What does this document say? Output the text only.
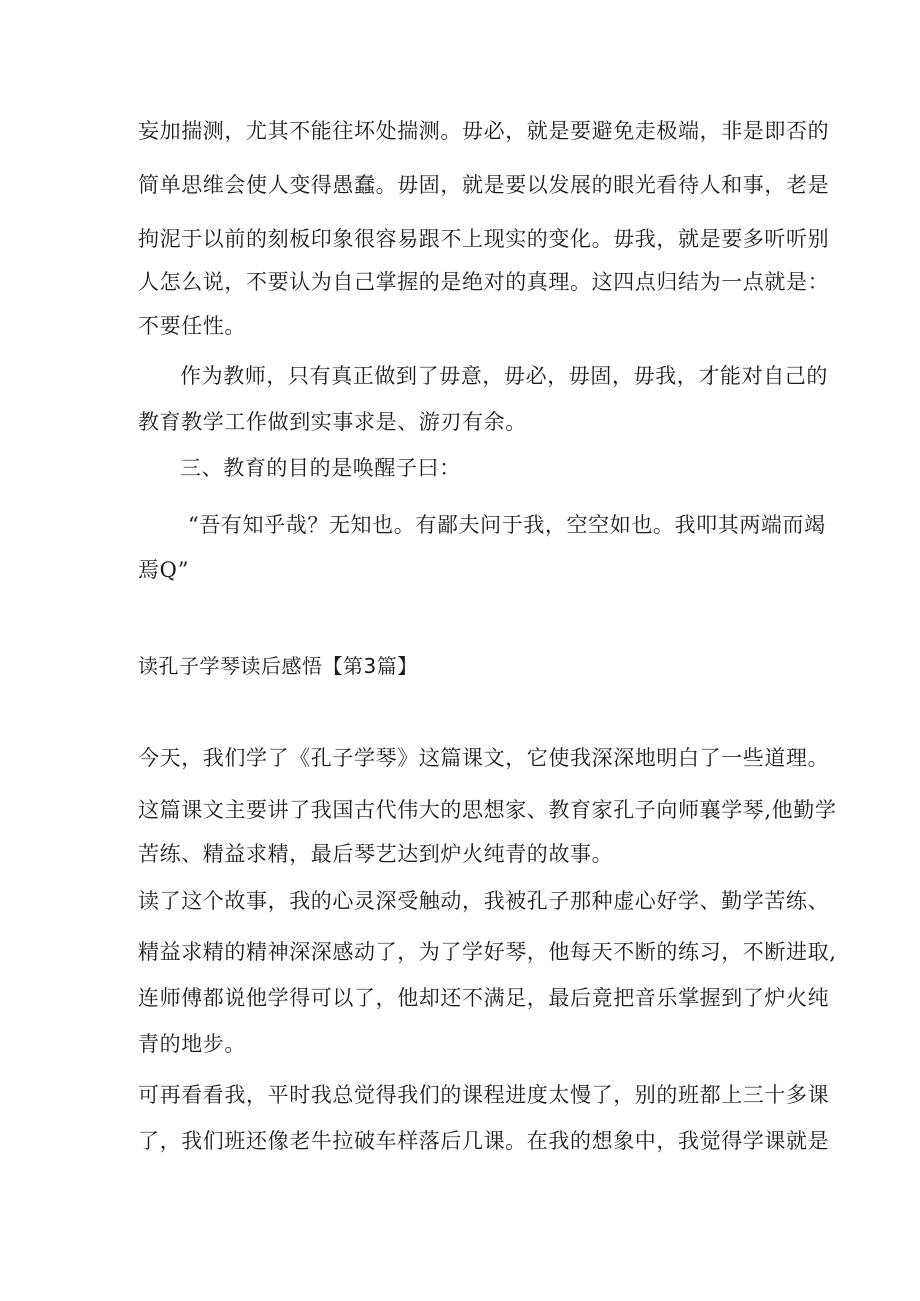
妄加揣测，尤其不能往坏处揣测。毋必，就是要避免走极端，非是即否的
简单思维会使人变得愚蠢。毋固，就是要以发展的眼光看待人和事，老是
拘泥于以前的刻板印象很容易跟不上现实的变化。毋我，就是要多听听别
人怎么说，不要认为自己掌握的是绝对的真理。这四点归结为一点就是：
不要任性。
作为教师，只有真正做到了毋意，毋必，毋固，毋我，才能对自己的
教育教学工作做到实事求是、游刃有余。
三、教育的目的是唤醒子曰：
“吾有知乎哉？无知也。有鄙夫问于我，空空如也。我叩其两端而竭
焉Q”
读孔子学琴读后感悟【第3篇】
今天，我们学了《孔子学琴》这篇课文，它使我深深地明白了一些道理。
这篇课文主要讲了我国古代伟大的思想家、教育家孔子向师襄学琴,他勤学
苦练、精益求精，最后琴艺达到炉火纯青的故事。
读了这个故事，我的心灵深受触动，我被孔子那种虚心好学、勤学苦练、
精益求精的精神深深感动了，为了学好琴，他每天不断的练习，不断进取,
连师傅都说他学得可以了，他却还不满足，最后竟把音乐掌握到了炉火纯
青的地步。
可再看看我，平时我总觉得我们的课程进度太慢了，别的班都上三十多课
了，我们班还像老牛拉破车样落后几课。在我的想象中，我觉得学课就是
